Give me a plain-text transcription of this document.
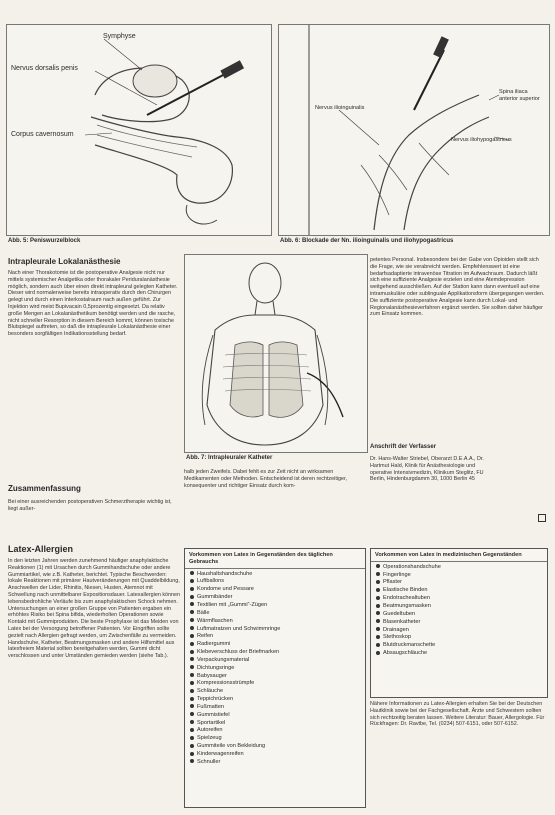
Symphyse
Nervus dorsalis penis
Corpus cavernosum
Abb. 5: Peniswurzelblock
Spina iliaca anterior superior
Nervus iliohypogastricus
Nervus ilioinguinalis
Abb. 6: Blockade der Nn. ilioinguinalis und iliohypogastricus
Intrapleurale Lokalanästhesie
Nach einer Thorakotomie ist die postoperative Analgesie nicht nur mittels systemischer Analgetika oder thorakaler Periduralanästhesie möglich, sondern auch über einen direkt intrapleural gelegten Katheter. Dieser wird normalerweise bereits intraoperativ durch den Chirurgen gelegt und durch einen Interkostalraum nach außen geführt. Zur Injektion wird meist Bupivacain 0,5prozentig eingesetzt. Da relativ große Mengen an Lokalanästhetikum benötigt werden und die rasche, nicht schneller Resorption in diesem Bereich kommt, können toxische Blutspiegel auftreten, so daß die intrapleurale Lokalanästhesie einer besonders sorgfältigen Indikationsstellung bedarf.
Zusammenfassung
Bei einer ausreichenden postoperativen Schmerztherapie wichtig ist, liegt außer-
Abb. 7: Intrapleuraler Katheter
halb jeden Zweifels. Dabei fehlt es zur Zeit nicht an wirksamen Medikamenten oder Methoden. Entscheidend ist deren rechtzeitiger, konsequenter und richtiger Einsatz durch kom-
petentes Personal. Insbesondere bei der Gabe von Opioiden stellt sich die Frage, wie sie verabreicht werden. Empfehlenswert ist eine bedarfsadaptierte intravenöse Titration im Aufwachraum. Dadurch läßt sich eine suffiziente Analgesie erzielen und eine Atemdepression weitgehend ausschließen. Auf der Station kann dann eventuell auf eine intramuskuläre oder sublinguale Applikationsform übergegangen werden. Die suffiziente postoperative Analgesie kann durch Lokal- und Regionalanästhesieverfahren ergänzt werden. Sie sollten daher häufiger zum Einsatz kommen.
Anschrift der Verfasser
Dr. Hans-Walter Striebel, Oberarzt D.E.A.A., Dr. Hartmut Hald, Klinik für Anästhesiologie und operative Intensivmedizin, Klinikum Steglitz, FU Berlin, Hindenburgdamm 30, 1000 Berlin 45
Latex-Allergien
In den letzten Jahren werden zunehmend häufiger anaphylaktische Reaktionen (1) mit Ursachen durch Gummihandschuhe oder andere Gummiartikel, wie z.B. Katheter, berichtet. Typische Beschwerden: lokale Reaktionen mit primärer Hautveränderungen mit Quaddelbildung, Anschwellen der Lider, Rhinitis, Niesen, Husten, Atemnot mit Schwellung nach unmittelbarer Expositionsdauer. Latexallergien können lebensbedrohliche Verläufe bis zum anaphylaktischen Schock nehmen. Untersuchungen an einer großen Gruppe von Patienten ergaben ein erhöhtes Risiko bei Spina bifida, wiederholten Operationen sowie Kontakt mit Gummiprodukten. Die beste Prophylaxe ist das Meiden von Latex bei der Versorgung betroffener Patienten. Vor Eingriffen sollte gezielt nach Allergien gefragt werden, um Zwischenfälle zu vermeiden. Handschuhe, Katheter, Beatmungsmasken und andere Hilfsmittel aus latexfreiem Material sollten bereitgehalten werden, Gummi dicht verschlossen und unter Umständen gemieden werden (siehe Tab.).
Vorkommen von Latex in Gegenständen des täglichen Gebrauchs
Haushaltshandschuhe
Luftballons
Kondome und Pessare
Gummibänder
Textilien mit „Gummi“-Zügen
Bälle
Wärmflaschen
Luftmatratzen und Schwimmringe
Reifen
Radiergummi
Klebeverschluss der Briefmarken
Verpackungsmaterial
Dichtungsringe
Babysauger
Kompressionsstrümpfe
Schläuche
Teppichrücken
Fußmatten
Gummistiefel
Sportartikel
Autoreifen
Spielzeug
Gummiteile von Bekleidung
Kinderwagenreifen
Schnuller
Vorkommen von Latex in medizinischen Gegenständen
Operationshandschuhe
Fingerlinge
Pflaster
Elastische Binden
Endotrachealtuben
Beatmungsmasken
Guedeltuben
Blasenkatheter
Drainagen
Stethoskop
Blutdruckmanschette
Absaugschläuche
Nähere Informationen zu Latex-Allergien erhalten Sie bei der Deutschen Hautklinik sowie bei der Fachgesellschaft. Ärzte und Schwestern sollten sich rechtzeitig beraten lassen. Weitere Literatur: Bauer, Allergologie. Für Rückfragen: Dr. Ravtbe, Tel. (0234) 507-6151, oder 507-6152.
